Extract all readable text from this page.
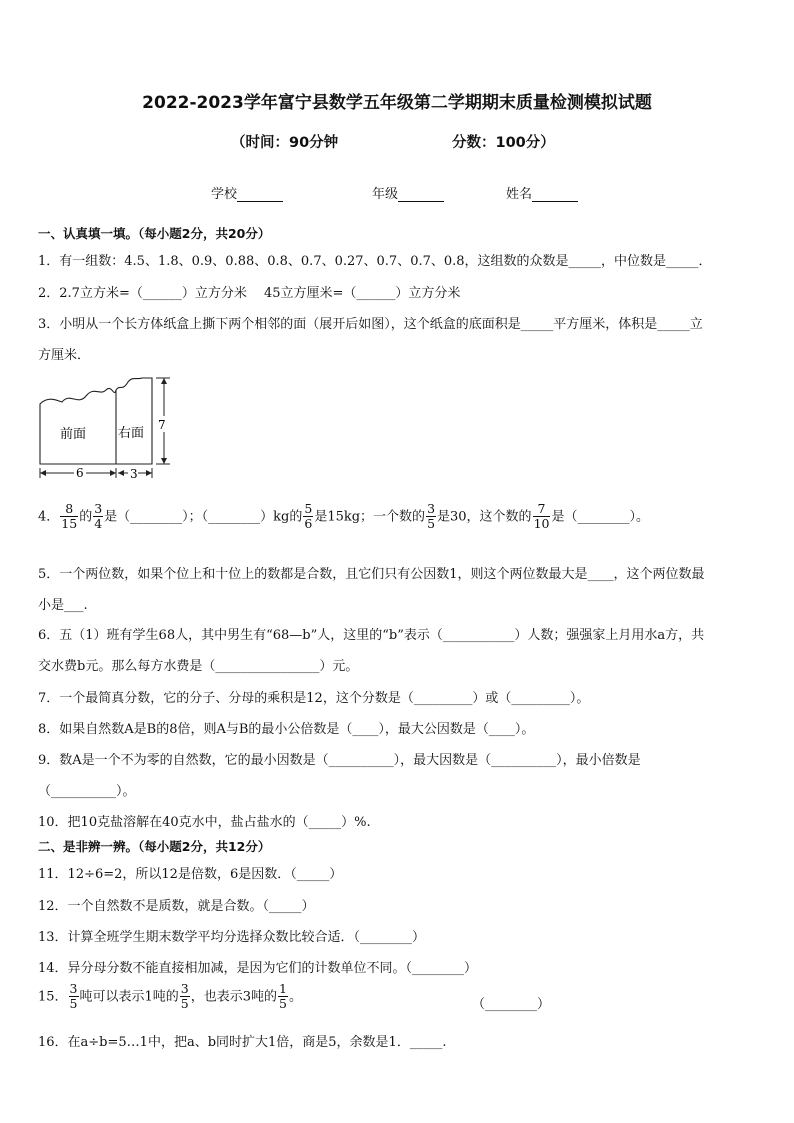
2022-2023学年富宁县数学五年级第二学期期末质量检测模拟试题
（时间：90分钟	分数：100分）
学校	年级	姓名
一、认真填一填。（每小题2分，共20分）
1．有一组数：4.5、1.8、0.9、0.88、0.8、0.7、0.27、0.7、0.7、0.8，这组数的众数是_____，中位数是_____．
2．2.7立方米=（______）立方分米　 45立方厘米=（______）立方分米
3．小明从一个长方体纸盒上撕下两个相邻的面（展开后如图），这个纸盒的底面积是_____平方厘米，体积是_____立
方厘米．
前面 右面
6	3
7
4． $\frac{8}{15}$ 的 $\frac{3}{4}$ 是（________）；（________）kg的 $\frac{5}{6}$ 是15kg；一个数的 $\frac{3}{5}$ 是30，这个数的 $\frac{7}{10}$ 是（________）。
5．一个两位数，如果个位上和十位上的数都是合数，且它们只有公因数1，则这个两位数最大是____，这个两位数最
小是___.
6．五（1）班有学生68人，其中男生有“68—b”人，这里的“b”表示（___________）人数；强强家上月用水a方，共
交水费b元。那么每方水费是（________________）元。
7．一个最简真分数，它的分子、分母的乘积是12，这个分数是（_________）或（_________）。
8．如果自然数A是B的8倍，则A与B的最小公倍数是（____），最大公因数是（____）。
9．数A是一个不为零的自然数，它的最小因数是（__________），最大因数是（__________），最小倍数是
（__________）。
10．把10克盐溶解在40克水中，盐占盐水的（_____）%.
二、是非辨一辨。（每小题2分，共12分）
11．12÷6=2，所以12是倍数，6是因数．（_____）
12．一个自然数不是质数，就是合数。（_____）
13．计算全班学生期末数学平均分选择众数比较合适．（________）
14．异分母分数不能直接相加减，是因为它们的计数单位不同。（________）
15． $\frac{3}{5}$ 吨可以表示1吨的 $\frac{3}{5}$ ，也表示3吨的 $\frac{1}{5}$ 。
（________）
16．在a÷b=5…1中，把a、b同时扩大1倍，商是5，余数是1．_____.
